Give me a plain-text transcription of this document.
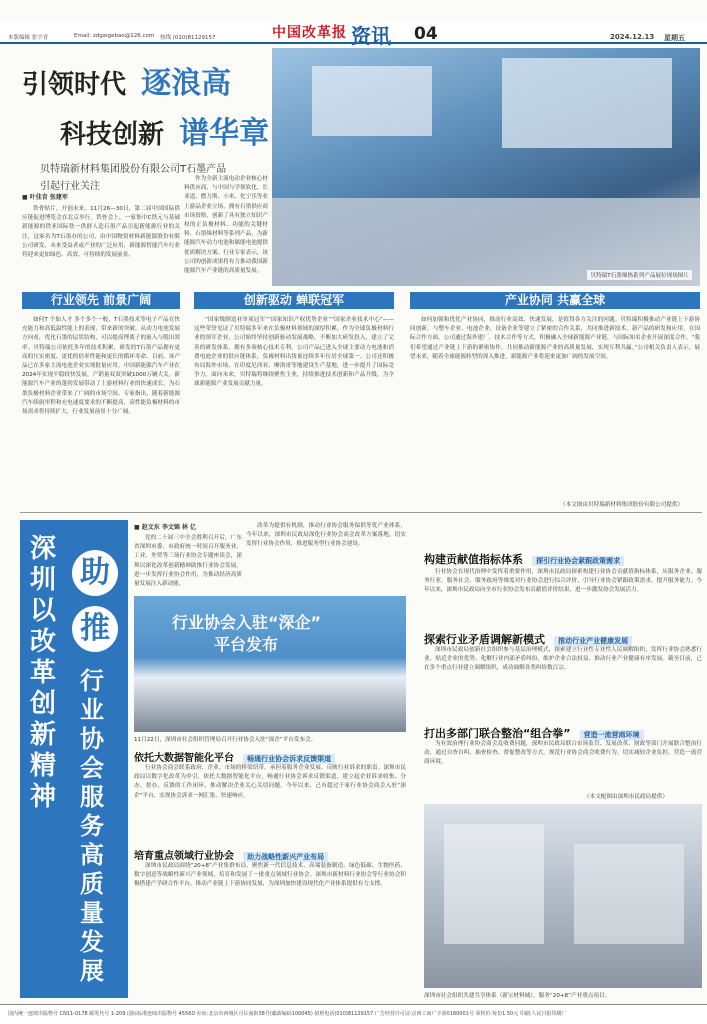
本版编辑 张宇青	Email: zdgaigebao@126.com 热线 (010)81129157	中国改革报 资讯 04	2024.12.13 星期五
引领时代 逐浪高
科技创新 谱华章
贝特瑞新材料集团股份有限公司T石墨产品
引起行业关注
■ 叶佳音 张建军
铁骨贴片，开创未来。11月26—30日，第二届中国国际供应链促进博览会在北京举行。铁骨会上，一家集中C铁元与基础新能源的铁亚国际铁一供群人造石墨产品引起新能源行业的关注，这家名为T石墨办的公司，由中国物资材料新能源股份有限公司研发，未来受益者或产业的广泛应用，新能源智能汽车行业将迎来更加绿色、高效、可持续的发展前景。
作为全新主流电动企业核心材料供应商，与中国与学领软化、长亚道、燃力斯、小米、化宁乐等业上游品企业立场，拥有石墨供应商市场资格，创新了具有独立知识产权的正负极材料、功能的关键材料、石墨烯材料等系列产品，为新能源汽车动力电池和储能电池提供优质解决方案。行业专家表示，该公司的创新成果将有力推动我国新能源汽车产业链的高质量发展。
贝特瑞T石墨烯热系列产品展位现场图片
行业领先 前景广阔	创新驱动 蝉联冠军	产业协同 共赢全球
如何T 个如人才 多个多个一般，T石墨技术等电子产品在快充能力和高低温性能上的表现，带来新的突破。从动力电池发展方向看，优化石墨的层状结构，可以提高锂离子的嵌入与脱出效率。贝特瑞公司依托多年的技术积累，研发的T石墨产品拥有更高的压实密度、更优的倍率性能和更长的循环寿命。目前，该产品已在多家主流电池企业实现批量应用。中国新能源汽车产业在2024年实现平稳较快发展，产销量双双突破1000万辆大关。新能源汽车产业的蓬勃发展带动了上游材料行业的快速成长，为石墨负极材料企业带来了广阔的市场空间。专家指出，随着新能源汽车续航里程和充电速度要求的不断提高，高性能负极材料的市场需求将持续扩大，行业发展前景十分广阔。
“国家级制造业单项冠军”“国家知识产权优势企业”“国家企业技术中心”——这些荣誉见证了贝特瑞多年来在负极材料领域的深厚积累。作为全球负极材料行业的领军企业，公司始终坚持创新驱动发展战略，不断加大研发投入，建立了完善的研发体系，拥有多项核心技术专利。公司产品已进入全球主要动力电池和消费电池企业的供应链体系，负极材料出货量连续多年位居全球第一。公司还积极布局海外市场，在印度尼西亚、摩洛哥等地建设生产基地，进一步提升了国际竞争力。面向未来，贝特瑞将继续聚焦主业，持续推进技术创新和产品升级，为全球新能源产业发展贡献力量。
如何加强和优化产业协同，推动行业高效、快速发展，是值得各方关注的问题。贝特瑞积极推动产业链上下游协同创新，与整车企业、电池企业、设备企业等建立了紧密的合作关系，共同推进新技术、新产品的研发和应用。在国际合作方面，公司通过海外建厂、技术合作等方式，积极融入全球新能源产业链，与国际知名企业开展深度合作。“我们希望通过产业链上下游的紧密协作，共同推动新能源产业的高质量发展，实现互利共赢。”公司相关负责人表示。展望未来，随着全球能源转型的深入推进，新能源产业将迎来更加广阔的发展空间。
（本文图由贝特瑞新材料集团股份有限公司提供）
深圳以改革创新精神
助
推
行业协会服务高质量发展
■ 赵文东 李文锦 林 亿
党的二十届三中全会胜利召开后，广东省深圳市委、市政府统一时间召开服务业、工业、外贸等三场行业协会专题座谈会，深圳以深化改革创新精神助推行业协会发展，进一步发挥行业协会作用，为推动经济高质量发展注入新动能。
改革为提供有机制，推动行业协会服务保供等优产业体系，今年以来，深圳市民政局深化行业协会商会改革方案落地，切实发挥行业协会作用，推进服务型行业协会建设。
行业协会入驻“深企”
平台发布
11月22日，深圳市社会组织管理局召开行业协会入驻“深企”平台发布会。
依托大数据智能化平台 畅通行业协会诉求反馈渠道
行业协会商会联系政府、企业、市场的桥梁纽带，承担着服务企业发展、反映行业诉求的职责。深圳市民政局以数字化改革为牵引，依托大数据智能化平台，畅通行业协会诉求反馈渠道，建立起企业诉求收集、分办、督办、反馈的工作闭环，推动解决企业关心关切问题。今年以来，已有超过千家行业协会商会入驻“深企”平台，实现协会诉求一网汇集、快速响应。
培育重点领域行业协会 助力战略性新兴产业布局
深圳市民政局围绕“20+8”产业集群布局，聚焦新一代信息技术、高端装备制造、绿色低碳、生物医药、数字创意等战略性新兴产业领域，培育和发展了一批重点领域行业协会。深圳市新材料行业协会等行业协会积极搭建产学研合作平台，推动产业链上下游协同发展，为深圳加快建设现代化产业体系提供有力支撑。
构建贡献值指标体系 探引行业协会紧跟政策需求
行业协会在现代治理中发挥着重要作用，深圳市民政局探索构建行业协会贡献值指标体系，从服务企业、服务行业、服务社会、服务政府等维度对行业协会进行综合评价，引导行业协会紧跟政策需求，提升服务能力。今年以来，深圳市民政局向全市行业协会发布贡献值评价结果，进一步激发协会发展活力。
探索行业矛盾调解新模式 推动行业产业健康发展
深圳市民政局创新社会组织参与基层治理模式，探索建立行业性专业性人民调解组织，发挥行业协会熟悉行业、贴近企业的优势，化解行业内部矛盾纠纷，维护企业合法权益，推动行业产业健康有序发展。截至目前，已在多个重点行业建立调解组织，成功调解各类纠纷数百宗。
打出多部门联合整治“组合拳” 营造一流营商环境
为有效治理行业协会商会乱收费问题，深圳市民政局联合市场监管、发展改革、财政等部门开展联合整治行动，通过自查自纠、抽查检查、督促整改等方式，规范行业协会商会收费行为，切实减轻企业负担，营造一流营商环境。
（本文配图由深圳市民政局提供）
深圳市社会组织共建共享体系（新宝材料城），服务“20+8”产业重点项目。
国内统一连续出版物号 CN11-0178 邮发代号 1-209 国际标准连续出版物号 4556D 社址:北京市西城区月坛南街38号(邮政编码100045) 值班电话(010)81129157 广告经营许可证:京西工商广字第0180001号 零售价:每份1.50元 印刷:人民日报印刷厂
